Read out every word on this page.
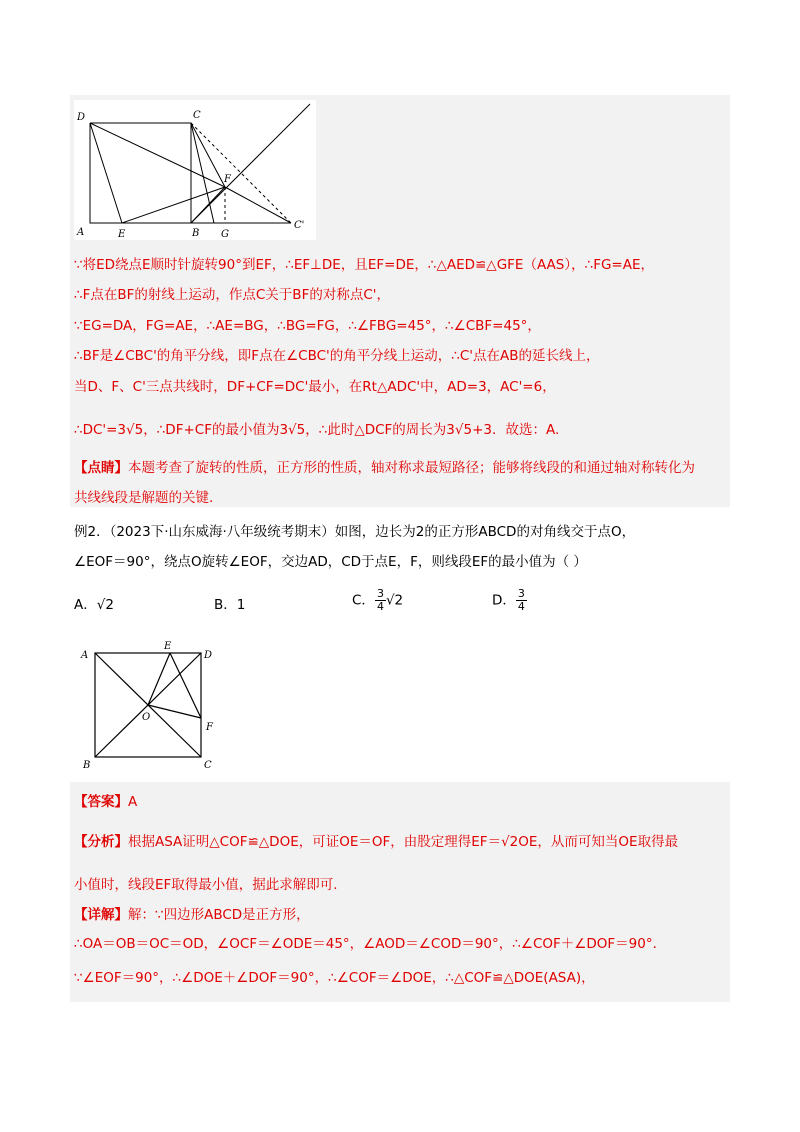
D	C
F
A	E	B G
C'
∵将ED绕点E顺时针旋转90°到EF，∴EF⊥DE，且EF=DE，∴△AED≌△GFE（AAS），∴FG=AE，
∴F点在BF的射线上运动，作点C关于BF的对称点C'，
∵EG=DA，FG=AE，∴AE=BG，∴BG=FG，∴∠FBG=45°，∴∠CBF=45°，
∴BF是∠CBC'的角平分线，即F点在∠CBC'的角平分线上运动，∴C'点在AB的延长线上，
当D、F、C'三点共线时，DF+CF=DC'最小，在Rt△ADC'中，AD=3，AC'=6，
∴DC'=3√5，∴DF+CF的最小值为3√5，∴此时△DCF的周长为3√5+3．故选：A.
【点睛】本题考查了旋转的性质，正方形的性质，轴对称求最短路径；能够将线段的和通过轴对称转化为
共线线段是解题的关键.
例2．（2023下·山东威海·八年级统考期末）如图，边长为2的正方形ABCD的对角线交于点O，
∠EOF＝90°，绕点O旋转∠EOF，交边AD，CD于点E，F，则线段EF的最小值为（ ）
A．√2	B．1	C． $\frac{3}{4} √2$	D． $\frac{3}{4}$
A
E
D
O
F
B	C
【答案】A
【分析】根据ASA证明△COF≌△DOE，可证OE＝OF，由股定理得EF＝√2OE，从而可知当OE取得最
小值时，线段EF取得最小值，据此求解即可.
【详解】解：∵四边形ABCD是正方形，
∴OA＝OB＝OC＝OD，∠OCF＝∠ODE＝45°，∠AOD＝∠COD＝90°，∴∠COF＋∠DOF＝90°．
∵∠EOF＝90°，∴∠DOE＋∠DOF＝90°，∴∠COF＝∠DOE，∴△COF≌△DOE(ASA)，
